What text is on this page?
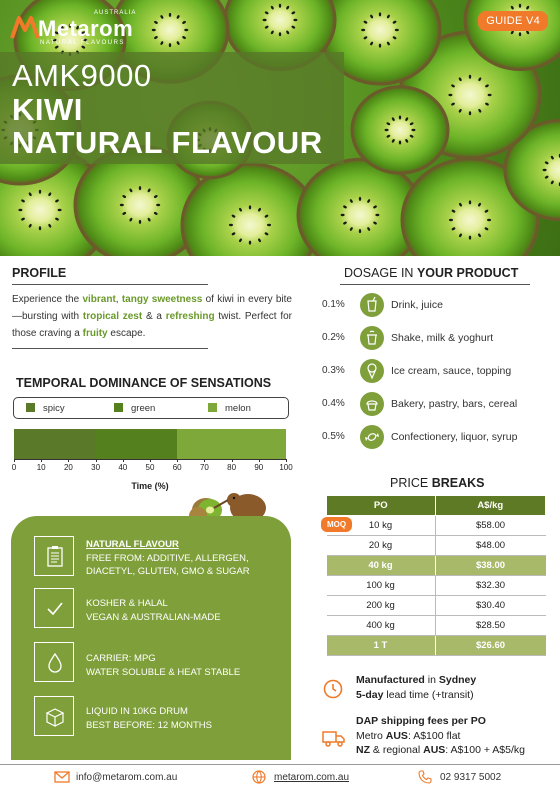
Metarom
AUSTRALIA
NATURAL FLAVOURS
GUIDE V4
AMK9000
KIWI
NATURAL FLAVOUR
PROFILE
Experience the vibrant, tangy sweetness of kiwi in every bite—bursting with tropical zest & a refreshing twist. Perfect for those craving a fruity escape.
TEMPORAL DOMINANCE OF SENSATIONS
spicy	green	melon
0	10	20	30	40	50	60	70	80	90	100
Time (%)
NATURAL FLAVOUR
FREE FROM: ADDITIVE, ALLERGEN,
DIACETYL, GLUTEN, GMO & SUGAR
KOSHER & HALAL
VEGAN & AUSTRALIAN-MADE
CARRIER: MPG
WATER SOLUBLE & HEAT STABLE
LIQUID IN 10KG DRUM
BEST BEFORE: 12 MONTHS
DOSAGE IN YOUR PRODUCT
0.1%	Drink, juice
0.2%	Shake, milk & yoghurt
0.3%	Ice cream, sauce, topping
0.4%	Bakery, pastry, bars, cereal
0.5%	Confectionery, liquor, syrup
PRICE BREAKS
PO	A$/kg
10 kg	$58.00
20 kg	$48.00
40 kg	$38.00
100 kg	$32.30
200 kg	$30.40
400 kg	$28.50
1 T	$26.60
MOQ
Manufactured in Sydney
5-day lead time (+transit)
DAP shipping fees per PO
Metro AUS: A$100 flat
NZ & regional AUS: A$100 + A$5/kg
info@metarom.com.au	metarom.com.au	02 9317 5002
